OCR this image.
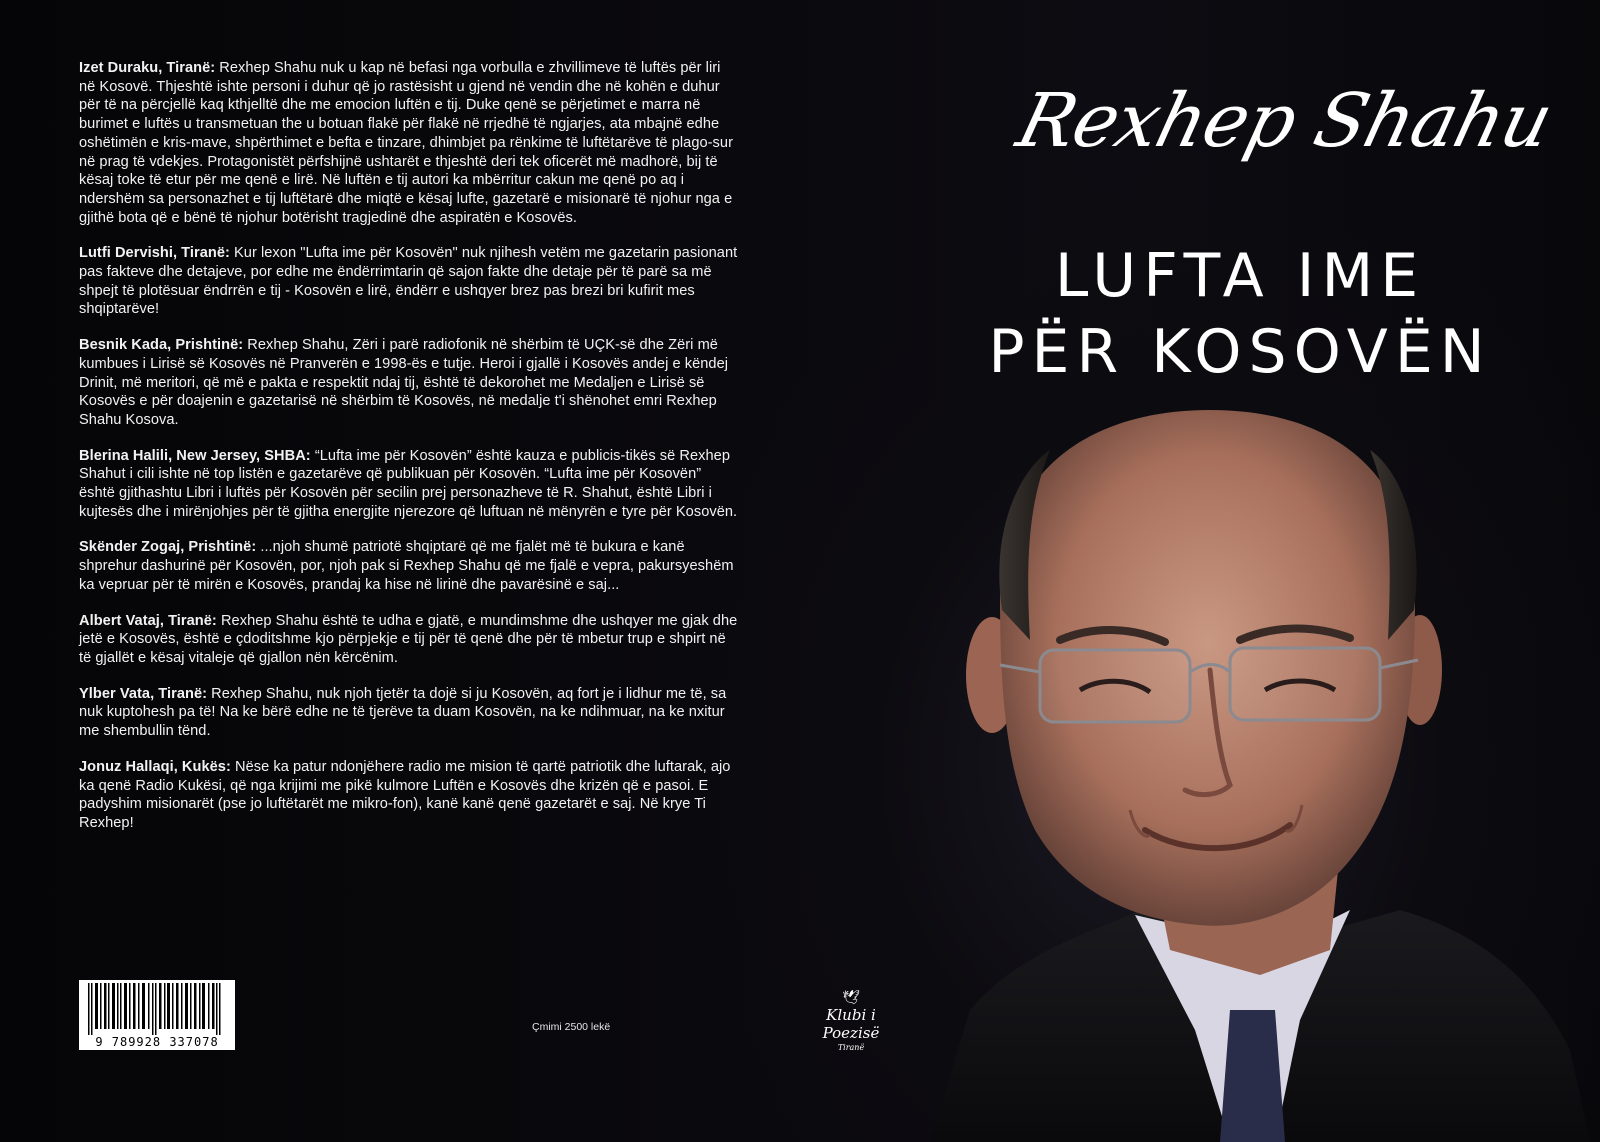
Izet Duraku, Tiranë: Rexhep Shahu nuk u kap në befasi nga vorbulla e zhvillimeve të luftës për liri në Kosovë. Thjeshtë ishte personi i duhur që jo rastësisht u gjend në vendin dhe në kohën e duhur për të na përcjellë kaq kthjelltë dhe me emocion luftën e tij. Duke qenë se përjetimet e marra në burimet e luftës u transmetuan the u botuan flakë për flakë në rrjedhë të ngjarjes, ata mbajnë edhe oshëtimën e kris-mave, shpërthimet e befta e tinzare, dhimbjet pa rënkime të luftëtarëve të plago-sur në prag të vdekjes. Protagonistët përfshijnë ushtarët e thjeshtë deri tek oficerët më madhorë, bij të kësaj toke të etur për me qenë e lirë. Në luftën e tij autori ka mbërritur cakun me qenë po aq i ndershëm sa personazhet e tij luftëtarë dhe miqtë e kësaj lufte, gazetarë e misionarë të njohur nga e gjithë bota që e bënë të njohur botërisht tragjedinë dhe aspiratën e Kosovës.

Lutfi Dervishi, Tiranë: Kur lexon "Lufta ime për Kosovën" nuk njihesh vetëm me gazetarin pasionant pas fakteve dhe detajeve, por edhe me ëndërrimtarin që sajon fakte dhe detaje për të parë sa më shpejt të plotësuar ëndrrën e tij - Kosovën e lirë, ëndërr e ushqyer brez pas brezi bri kufirit mes shqiptarëve!

Besnik Kada, Prishtinë: Rexhep Shahu, Zëri i parë radiofonik në shërbim të UÇK-së dhe Zëri më kumbues i Lirisë së Kosovës në Pranverën e 1998-ës e tutje. Heroi i gjallë i Kosovës andej e këndej Drinit, më meritori, që më e pakta e respektit ndaj tij, është të dekorohet me Medaljen e Lirisë së Kosovës e për doajenin e gazetarisë në shërbim të Kosovës, në medalje t'i shënohet emri Rexhep Shahu Kosova.

Blerina Halili, New Jersey, SHBA: “Lufta ime për Kosovën” është kauza e publicis-tikës së Rexhep Shahut i cili ishte në top listën e gazetarëve që publikuan për Kosovën. “Lufta ime për Kosovën” është gjithashtu Libri i luftës për Kosovën për secilin prej personazheve të R. Shahut, është Libri i kujtesës dhe i mirënjohjes për të gjitha energjite njerezore që luftuan në mënyrën e tyre për Kosovën.

Skënder Zogaj, Prishtinë: ...njoh shumë patriotë shqiptarë që me fjalët më të bukura e kanë shprehur dashurinë për Kosovën, por, njoh pak si Rexhep Shahu që me fjalë e vepra, pakursyeshëm ka vepruar për të mirën e Kosovës, prandaj ka hise në lirinë dhe pavarësinë e saj...

Albert Vataj, Tiranë: Rexhep Shahu është te udha e gjatë, e mundimshme dhe ushqyer me gjak dhe jetë e Kosovës, është e çdoditshme kjo përpjekje e tij për të qenë dhe për të mbetur trup e shpirt në të gjallët e kësaj vitaleje që gjallon nën kërcënim.

Ylber Vata, Tiranë: Rexhep Shahu, nuk njoh tjetër ta dojë si ju Kosovën, aq fort je i lidhur me të, sa nuk kuptohesh pa të! Na ke bërë edhe ne të tjerëve ta duam Kosovën, na ke ndihmuar, na ke nxitur me shembullin tënd.

Jonuz Hallaqi, Kukës: Nëse ka patur ndonjëhere radio me mision të qartë patriotik dhe luftarak, ajo ka qenë Radio Kukësi, që nga krijimi me pikë kulmore Luftën e Kosovës dhe krizën që e pasoi. E padyshim misionarët (pse jo luftëtarët me mikro-fon), kanë kanë qenë gazetarët e saj. Në krye Ti Rexhep!

9 789928 337078
Çmimi 2500 lekë
Rexhep Shahu
LUFTA IME
PËR KOSOVËN
🕊
Klubi i Poezisë
Tiranë
